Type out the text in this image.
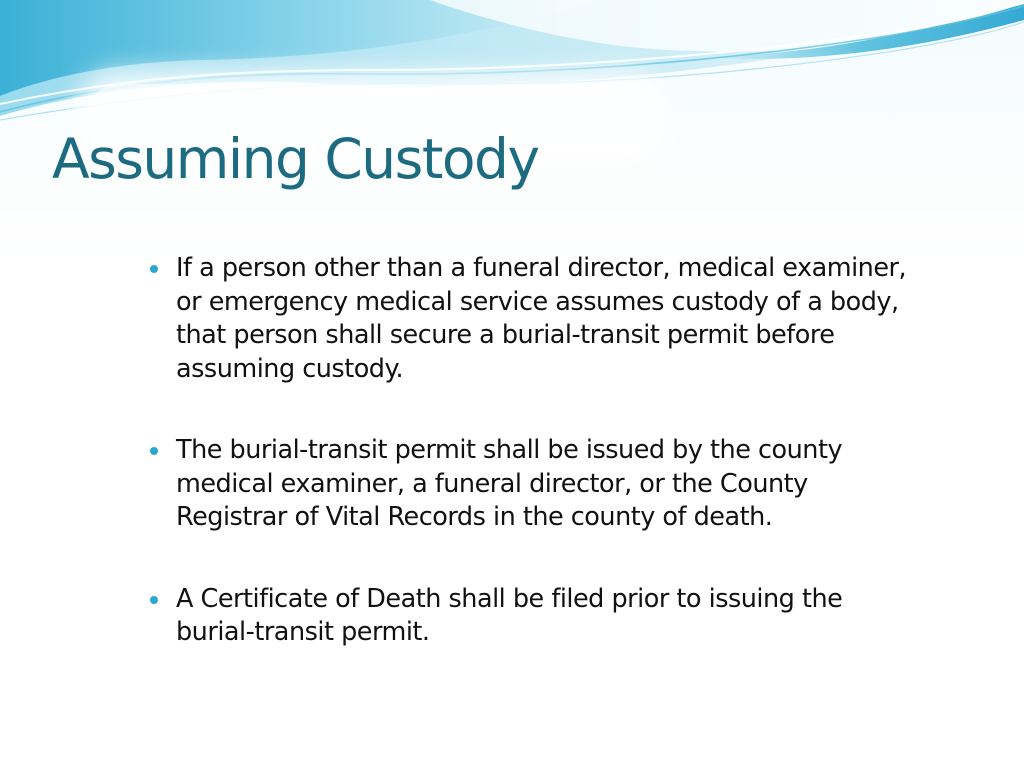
Assuming Custody
If a person other than a funeral director, medical examiner, or emergency medical service assumes custody of a body, that person shall secure a burial-transit permit before assuming custody.
The burial-transit permit shall be issued by the county medical examiner, a funeral director, or the County Registrar of Vital Records in the county of death.
A Certificate of Death shall be filed prior to issuing the burial-transit permit.
